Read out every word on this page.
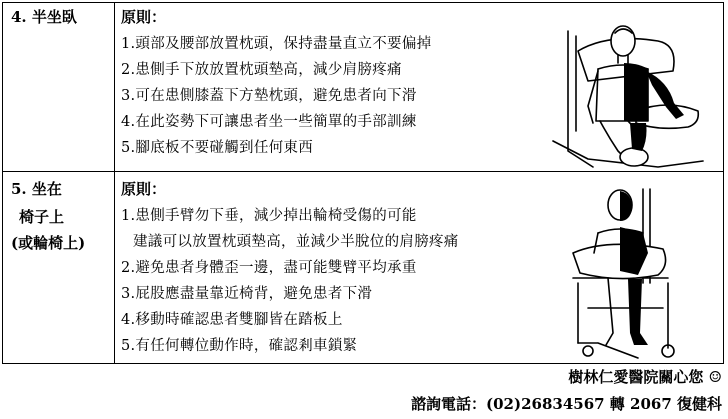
4. 半坐臥	原則：
1.頭部及腰部放置枕頭，保持盡量直立不要偏掉
2.患側手下放放置枕頭墊高，減少肩膀疼痛
3.可在患側膝蓋下方墊枕頭，避免患者向下滑
4.在此姿勢下可讓患者坐一些簡單的手部訓練
5.腳底板不要碰觸到任何東西
5. 坐在
椅子上
(或輪椅上)
原則：
1.患側手臂勿下垂，減少掉出輪椅受傷的可能
建議可以放置枕頭墊高，並減少半脫位的肩膀疼痛
2.避免患者身體歪一邊，盡可能雙臂平均承重
3.屁股應盡量靠近椅背，避免患者下滑
4.移動時確認患者雙腳皆在踏板上
5.有任何轉位動作時，確認剎車鎖緊
樹林仁愛醫院關心您 ☺
諮詢電話：(02)26834567 轉 2067 復健科
